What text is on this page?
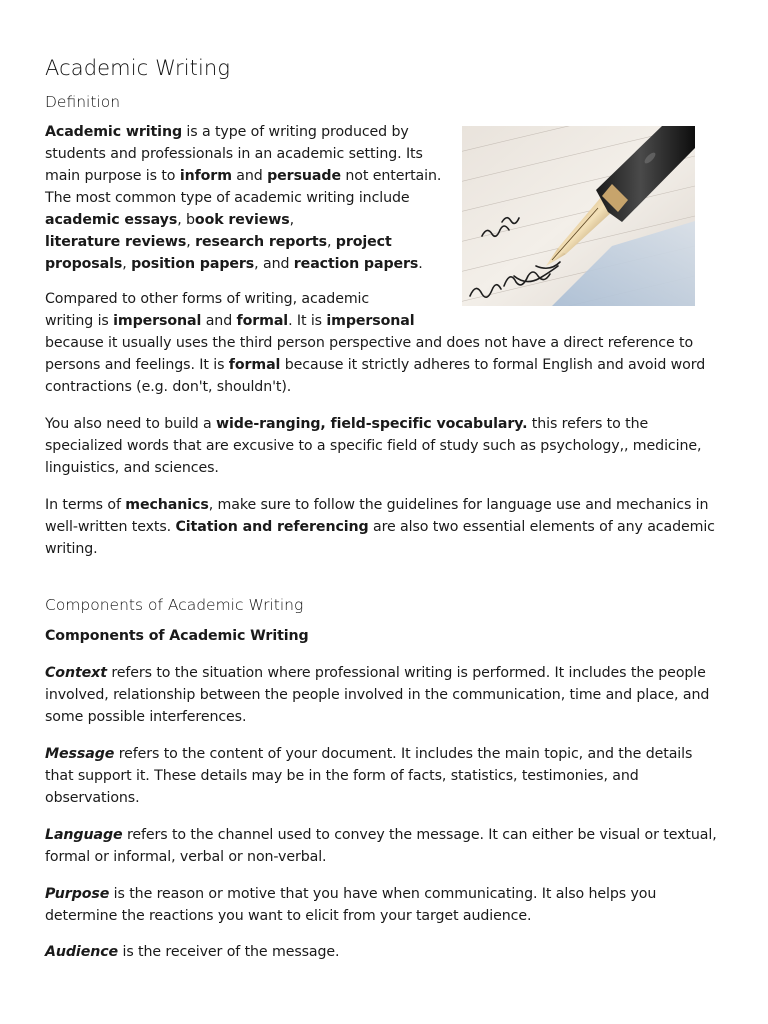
Academic Writing
Definition

Academic writing is a type of writing produced by students and professionals in an academic setting. Its main purpose is to inform and persuade not entertain. The most common type of academic writing include academic essays, book reviews,
literature reviews, research reports, project proposals, position papers, and reaction papers.

Compared to other forms of writing, academic writing is impersonal and formal. It is impersonal because it usually uses the third person perspective and does not have a direct reference to persons and feelings. It is formal because it strictly adheres to formal English and avoid word contractions (e.g. don't, shouldn't).

You also need to build a wide-ranging, field-specific vocabulary. this refers to the specialized words that are excusive to a specific field of study such as psychology,, medicine, linguistics, and sciences.

In terms of mechanics, make sure to follow the guidelines for language use and mechanics in well-written texts. Citation and referencing are also two essential elements of any academic writing.

Components of Academic Writing

Components of Academic Writing

Context refers to the situation where professional writing is performed. It includes the people involved, relationship between the people involved in the communication, time and place, and some possible interferences.

Message refers to the content of your document. It includes the main topic, and the details that support it. These details may be in the form of facts, statistics, testimonies, and observations.

Language refers to the channel used to convey the message. It can either be visual or textual, formal or informal, verbal or non-verbal.

Purpose is the reason or motive that you have when communicating. It also helps you determine the reactions you want to elicit from your target audience.

Audience is the receiver of the message.
